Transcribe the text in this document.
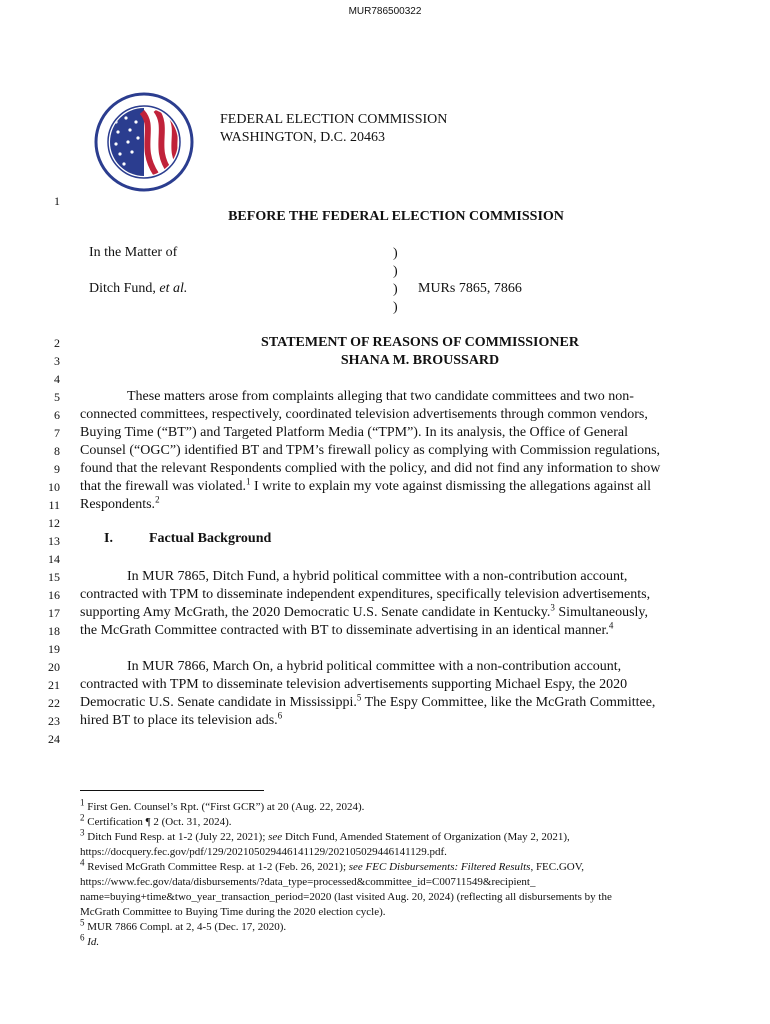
MUR786500322
FEDERAL ELECTION COMMISSION
WASHINGTON, D.C. 20463
1
2
3
4
5
6
7
8
9
10
11
12
13
14
15
16
17
18
19
20
21
22
23
24
BEFORE THE FEDERAL ELECTION COMMISSION
In the Matter of
Ditch Fund, et al.
)
)
)
)
MURs 7865, 7866
STATEMENT OF REASONS OF COMMISSIONER
SHANA M. BROUSSARD
These matters arose from complaints alleging that two candidate committees and two non-
connected committees, respectively, coordinated television advertisements through common vendors,
Buying Time (“BT”) and Targeted Platform Media (“TPM”). In its analysis, the Office of General
Counsel (“OGC”) identified BT and TPM’s firewall policy as complying with Commission regulations,
found that the relevant Respondents complied with the policy, and did not find any information to show
that the firewall was violated.$^1$ I write to explain my vote against dismissing the allegations against all
Respondents.$^2$
I.	Factual Background
In MUR 7865, Ditch Fund, a hybrid political committee with a non-contribution account,
contracted with TPM to disseminate independent expenditures, specifically television advertisements,
supporting Amy McGrath, the 2020 Democratic U.S. Senate candidate in Kentucky.$^3$ Simultaneously,
the McGrath Committee contracted with BT to disseminate advertising in an identical manner.$^4$
In MUR 7866, March On, a hybrid political committee with a non-contribution account,
contracted with TPM to disseminate television advertisements supporting Michael Espy, the 2020
Democratic U.S. Senate candidate in Mississippi.$^5$ The Espy Committee, like the McGrath Committee,
hired BT to place its television ads.$^6$
$^1$ First Gen. Counsel’s Rpt. (“First GCR”) at 20 (Aug. 22, 2024).
$^2$ Certification ¶ 2 (Oct. 31, 2024).
$^3$ Ditch Fund Resp. at 1-2 (July 22, 2021); see Ditch Fund, Amended Statement of Organization (May 2, 2021),
https://docquery.fec.gov/pdf/129/202105029446141129/202105029446141129.pdf.
$^4$ Revised McGrath Committee Resp. at 1-2 (Feb. 26, 2021); see FEC Disbursements: Filtered Results, FEC.GOV,
https://www.fec.gov/data/disbursements/?data_type=processed&committee_id=C00711549&recipient_
name=buying+time&two_year_transaction_period=2020 (last visited Aug. 20, 2024) (reflecting all disbursements by the
McGrath Committee to Buying Time during the 2020 election cycle).
$^5$ MUR 7866 Compl. at 2, 4-5 (Dec. 17, 2020).
$^6$ Id.
